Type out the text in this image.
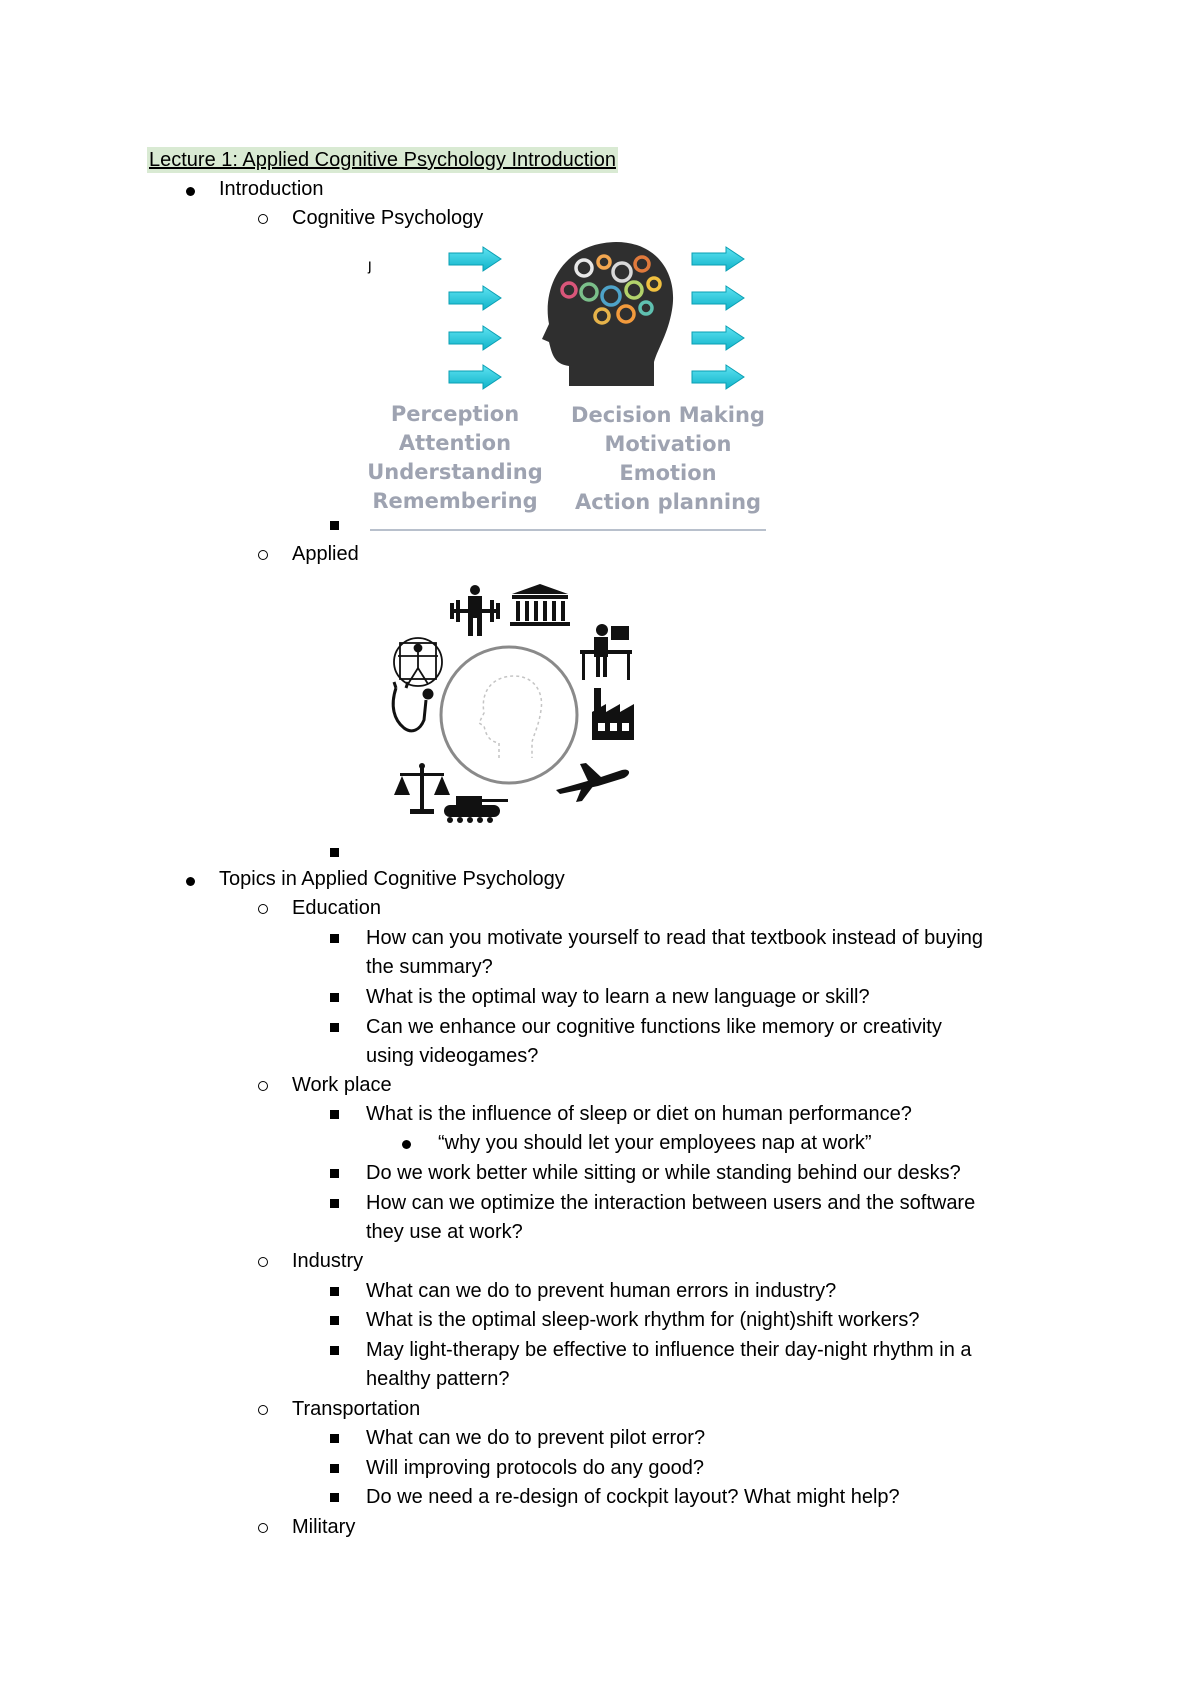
Lecture 1: Applied Cognitive Psychology Introduction
Introduction
Cognitive Psychology
ȷ
Perception
Attention
Understanding
Remembering
Decision Making
Motivation
Emotion
Action planning
Applied
Topics in Applied Cognitive Psychology
Education
How can you motivate yourself to read that textbook instead of buying
the summary?
What is the optimal way to learn a new language or skill?
Can we enhance our cognitive functions like memory or creativity
using videogames?
Work place
What is the influence of sleep or diet on human performance?
“why you should let your employees nap at work”
Do we work better while sitting or while standing behind our desks?
How can we optimize the interaction between users and the software
they use at work?
Industry
What can we do to prevent human errors in industry?
What is the optimal sleep-work rhythm for (night)shift workers?
May light-therapy be effective to influence their day-night rhythm in a
healthy pattern?
Transportation
What can we do to prevent pilot error?
Will improving protocols do any good?
Do we need a re-design of cockpit layout? What might help?
Military
